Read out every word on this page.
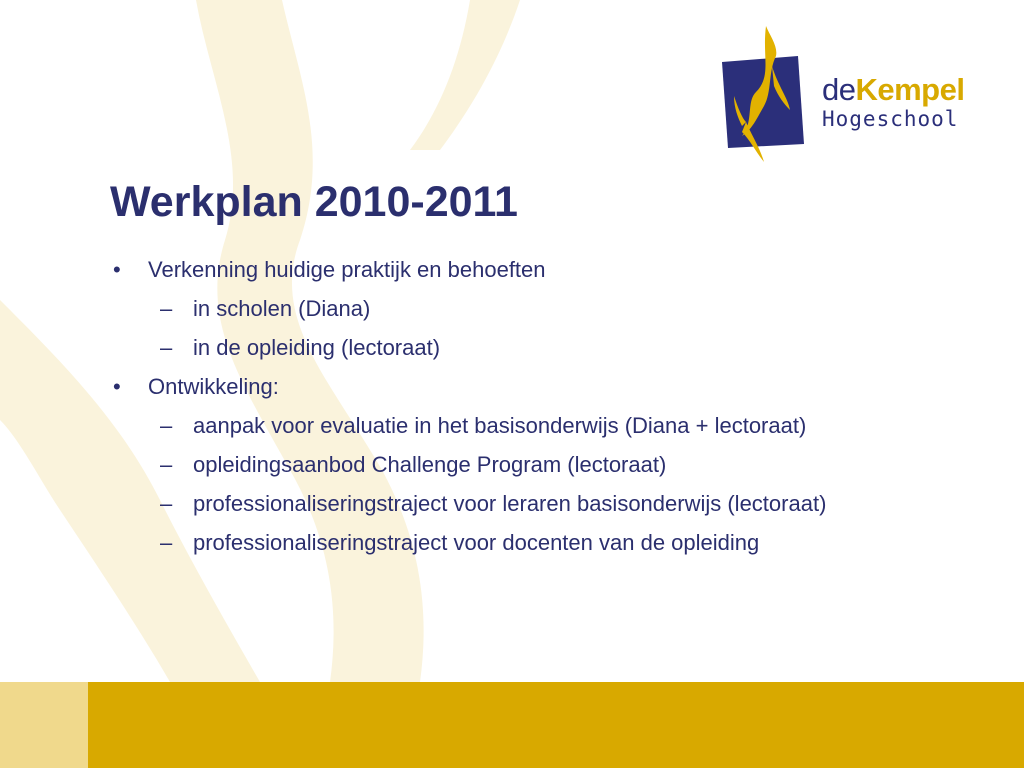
deKempel
Hogeschool
Werkplan 2010-2011
• Verkenning huidige praktijk en behoeften
– in scholen (Diana)
– in de opleiding (lectoraat)
• Ontwikkeling:
– aanpak voor evaluatie in het basisonderwijs (Diana + lectoraat)
– opleidingsaanbod Challenge Program (lectoraat)
– professionaliseringstraject voor leraren basisonderwijs (lectoraat)
– professionaliseringstraject voor docenten van de opleiding
